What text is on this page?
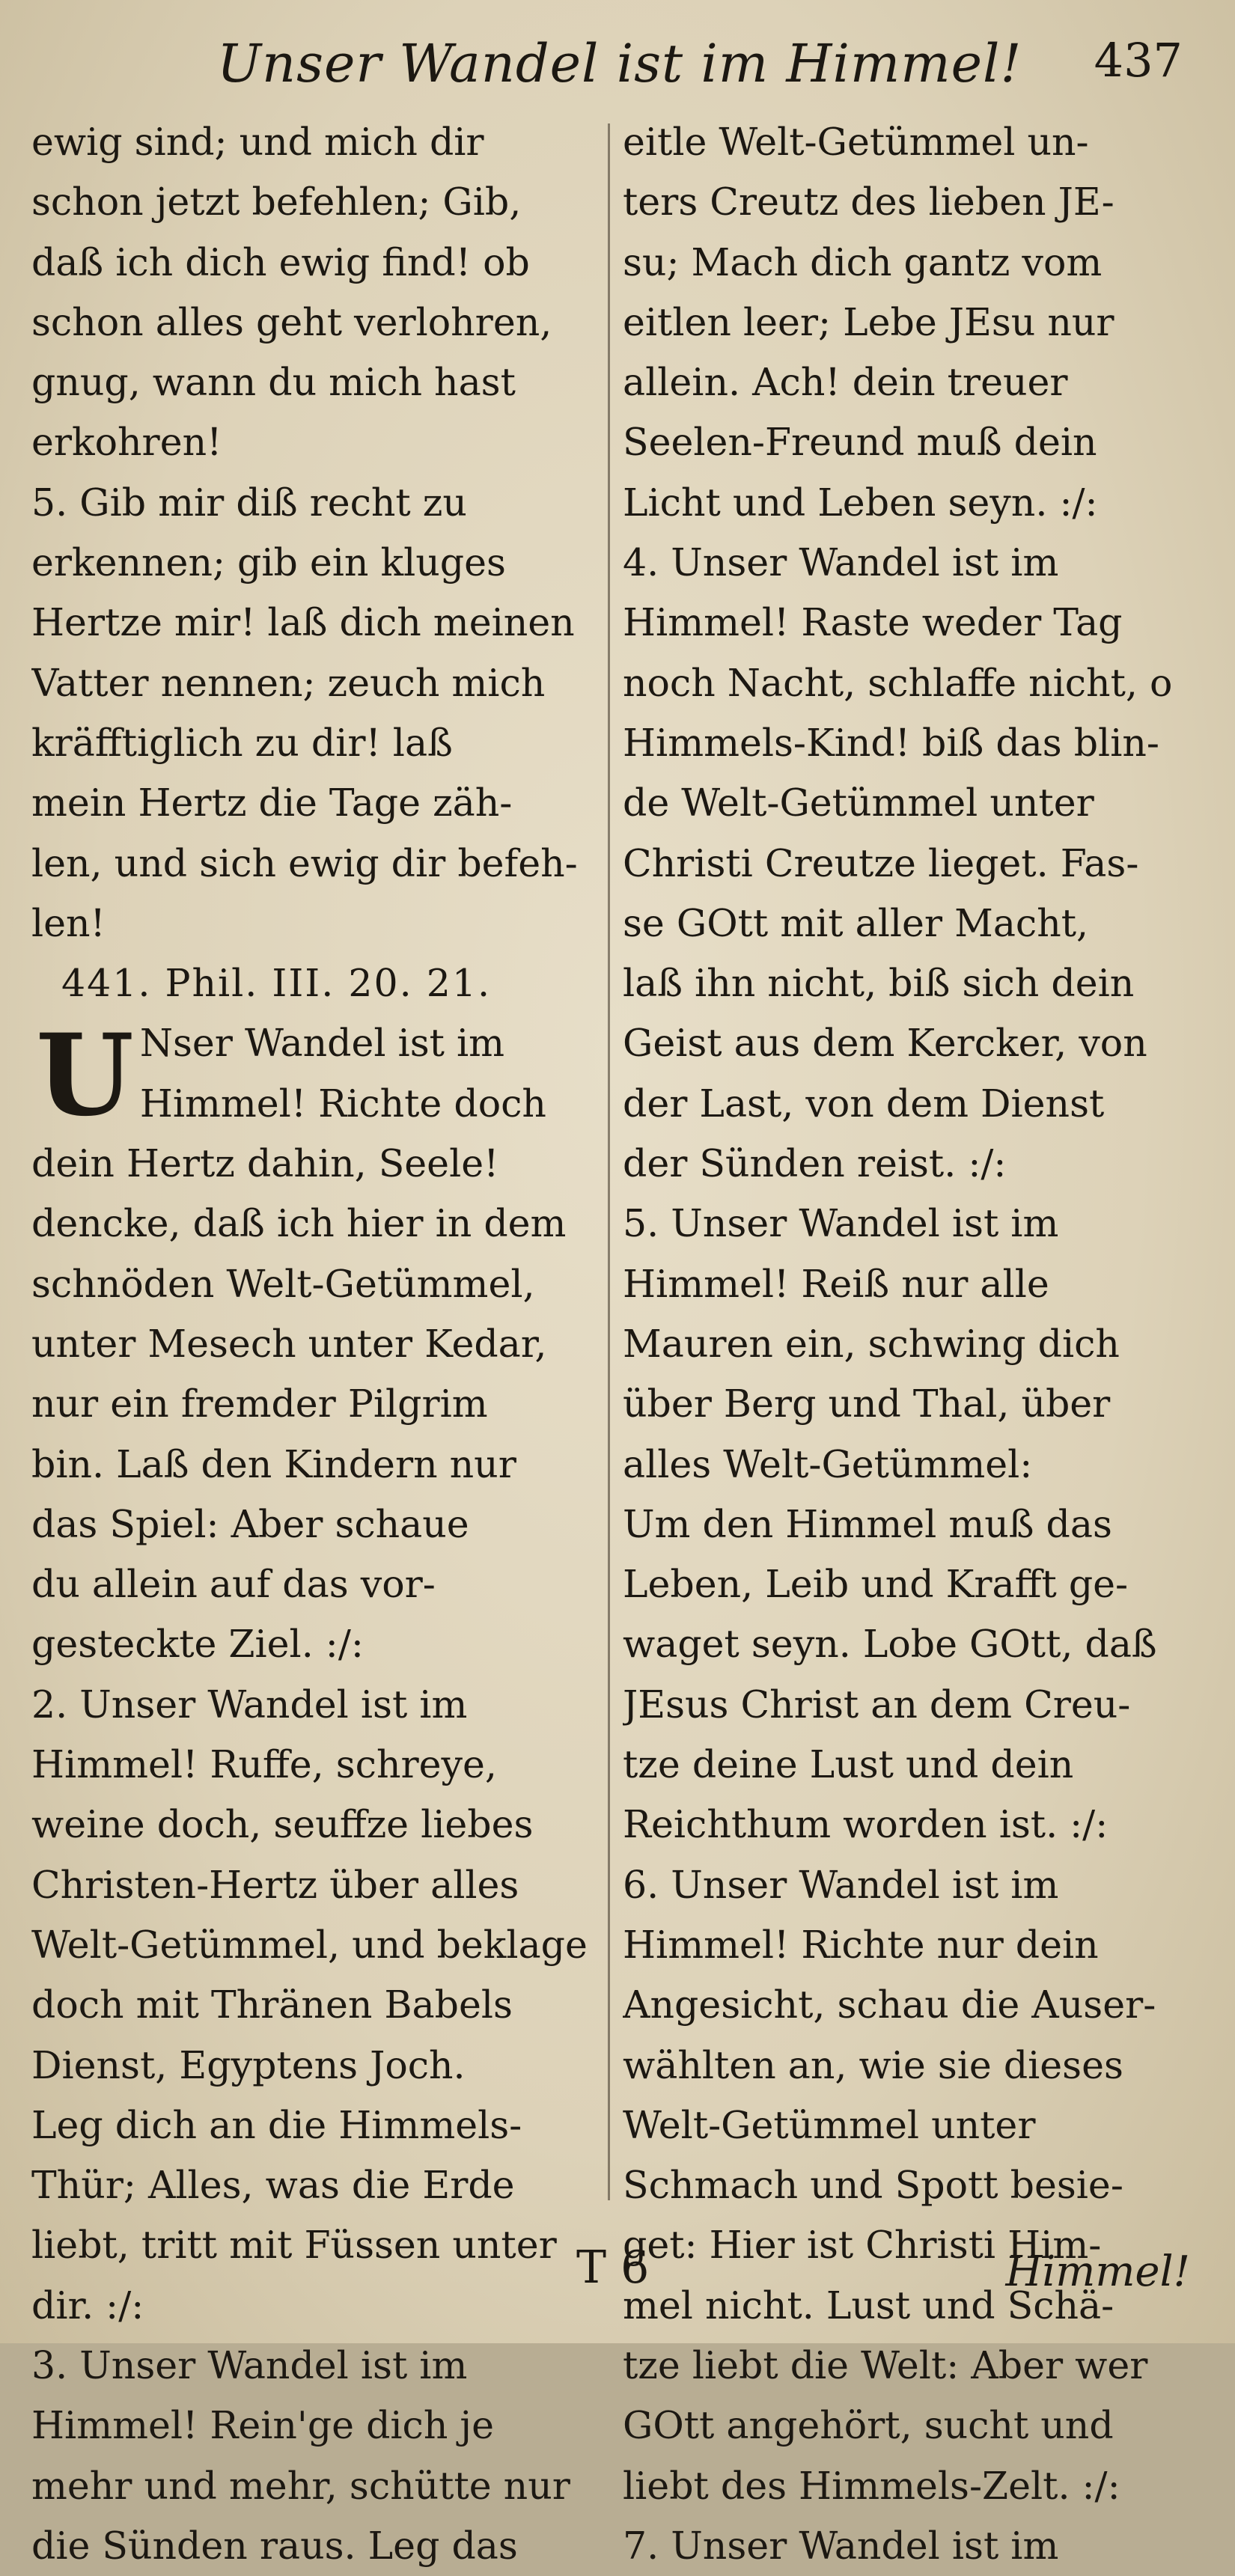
Unser Wandel ist im Himmel! 437
ewig sind; und mich dir
schon jetzt befehlen; Gib,
daß ich dich ewig find! ob
schon alles geht verlohren,
gnug, wann du mich hast
erkohren!
5. Gib mir diß recht zu
erkennen; gib ein kluges
Hertze mir! laß dich meinen
Vatter nennen; zeuch mich
kräfftiglich zu dir! laß
mein Hertz die Tage zäh-
len, und sich ewig dir befeh-
len!
441. Phil. III. 20. 21.
U Nser Wandel ist im
Himmel! Richte doch
dein Hertz dahin, Seele!
dencke, daß ich hier in dem
schnöden Welt-Getümmel,
unter Mesech unter Kedar,
nur ein fremder Pilgrim
bin. Laß den Kindern nur
das Spiel: Aber schaue
du allein auf das vor-
gesteckte Ziel. :/:
2. Unser Wandel ist im
Himmel! Ruffe, schreye,
weine doch, seuffze liebes
Christen-Hertz über alles
Welt-Getümmel, und beklage
doch mit Thränen Babels
Dienst, Egyptens Joch.
Leg dich an die Himmels-
Thür; Alles, was die Erde
liebt, tritt mit Füssen unter
dir. :/:
3. Unser Wandel ist im
Himmel! Rein'ge dich je
mehr und mehr, schütte nur
die Sünden raus. Leg das
eitle Welt-Getümmel un-
ters Creutz des lieben JE-
su; Mach dich gantz vom
eitlen leer; Lebe JEsu nur
allein. Ach! dein treuer
Seelen-Freund muß dein
Licht und Leben seyn. :/:
4. Unser Wandel ist im
Himmel! Raste weder Tag
noch Nacht, schlaffe nicht, o
Himmels-Kind! biß das blin-
de Welt-Getümmel unter
Christi Creutze lieget. Fas-
se GOtt mit aller Macht,
laß ihn nicht, biß sich dein
Geist aus dem Kercker, von
der Last, von dem Dienst
der Sünden reist. :/:
5. Unser Wandel ist im
Himmel! Reiß nur alle
Mauren ein, schwing dich
über Berg und Thal, über
alles Welt-Getümmel:
Um den Himmel muß das
Leben, Leib und Krafft ge-
waget seyn. Lobe GOtt, daß
JEsus Christ an dem Creu-
tze deine Lust und dein
Reichthum worden ist. :/:
6. Unser Wandel ist im
Himmel! Richte nur dein
Angesicht, schau die Auser-
wählten an, wie sie dieses
Welt-Getümmel unter
Schmach und Spott besie-
get: Hier ist Christi Him-
mel nicht. Lust und Schä-
tze liebt die Welt: Aber wer
GOtt angehört, sucht und
liebt des Himmels-Zelt. :/:
7. Unser Wandel ist im
T 6	Himmel!
